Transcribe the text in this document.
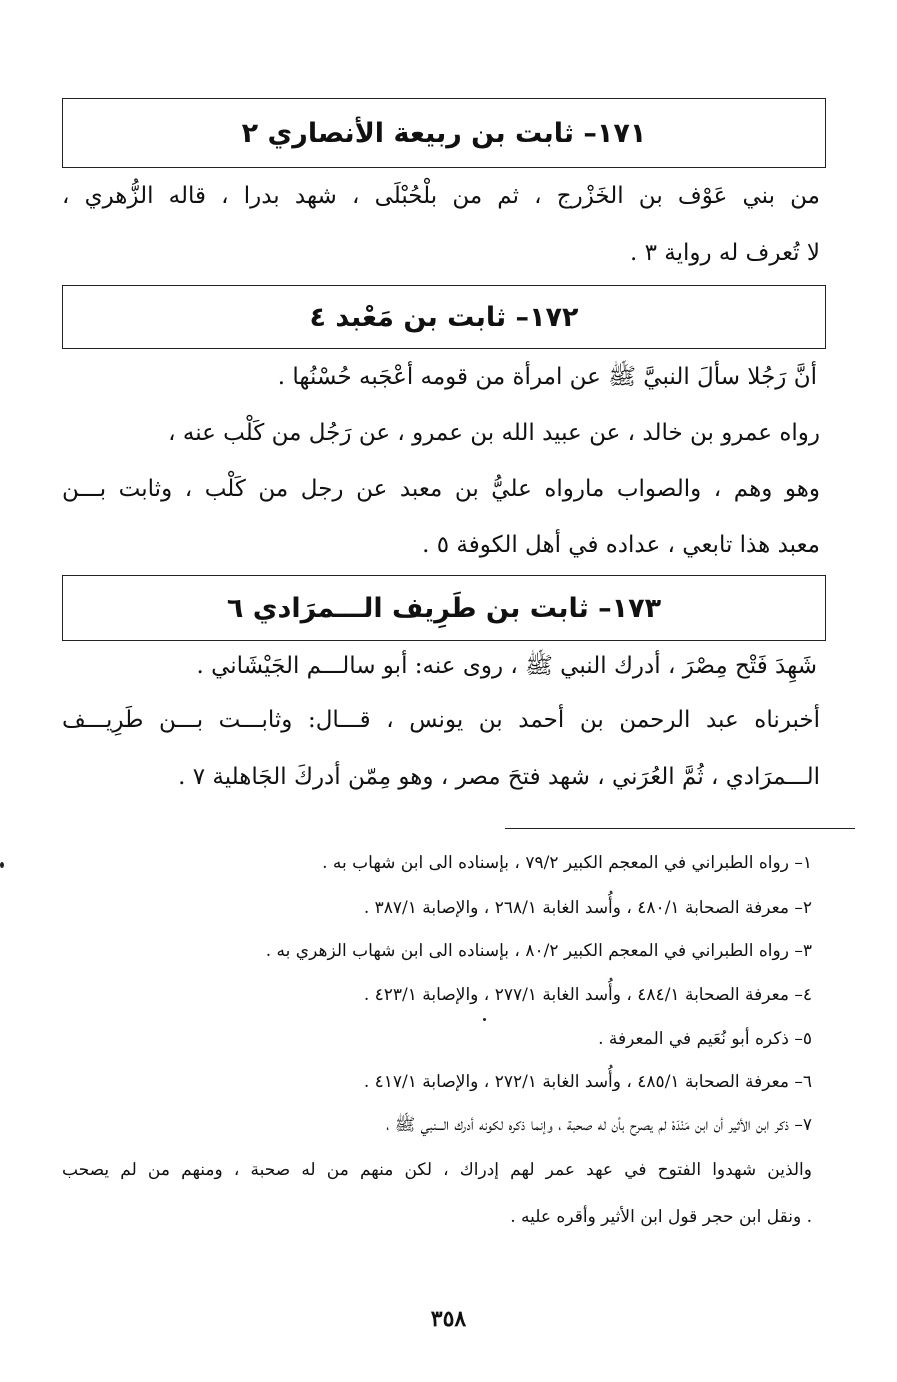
١٧١– ثابت بن ربيعة الأنصاري ٢
من بني عَوْف بن الخَزْرج ، ثم من بلْحُبْلَى ، شهد بدرا ، قاله الزُّهري ،
لا تُعرف له رواية ٣ .
١٧٢– ثابت بن مَعْبد ٤
أنَّ رَجُلا سألَ النبيَّ ﷺ عن امرأة من قومه أعْجَبه حُسْنُها .
رواه عمرو بن خالد ، عن عبيد الله بن عمرو ، عن رَجُل من كَلْب عنه ،
وهو وهم ، والصواب مارواه عليُّ بن معبد عن رجل من كَلْب ، وثابت بـــن
معبد هذا تابعي ، عداده في أهل الكوفة ٥ .
١٧٣– ثابت بن طَرِيف الـــمرَادي ٦
شَهِدَ فَتْح مِصْرَ ، أدرك النبي ﷺ ، روى عنه: أبو سالـــم الجَيْشَاني .
أخبرناه عبد الرحمن بن أحمد بن يونس ، قـــال: وثابـــت بـــن طَرِيـــف
الـــمرَادي ، ثُمَّ العُرَني ، شهد فتحَ مصر ، وهو مِمّن أدركَ الجَاهلية ٧ .
١– رواه الطبراني في المعجم الكبير ٧٩/٢ ، بإسناده الى ابن شهاب به .
٢– معرفة الصحابة ٤٨٠/١ ، وأُسد الغابة ٢٦٨/١ ، والإصابة ٣٨٧/١ .
٣– رواه الطبراني في المعجم الكبير ٨٠/٢ ، بإسناده الى ابن شهاب الزهري به .
٤– معرفة الصحابة ٤٨٤/١ ، وأُسد الغابة ٢٧٧/١ ، والإصابة ٤٢٣/١ .
٥– ذكره أبو نُعَيم في المعرفة .
٦– معرفة الصحابة ٤٨٥/١ ، وأُسد الغابة ٢٧٢/١ ، والإصابة ٤١٧/١ .
٧– ذكر ابن الأثير أن ابن مَنْدَهْ لم يصرح بأن له صحبة ، وإنما ذكره لكونه أدرك الـــنبي ﷺ ،
والذين شهدوا الفتوح في عهد عمر لهم إدراك ، لكن منهم من له صحبة ، ومنهم من لم يصحب
. ونقل ابن حجر قول ابن الأثير وأقره عليه .
٣٥٨
